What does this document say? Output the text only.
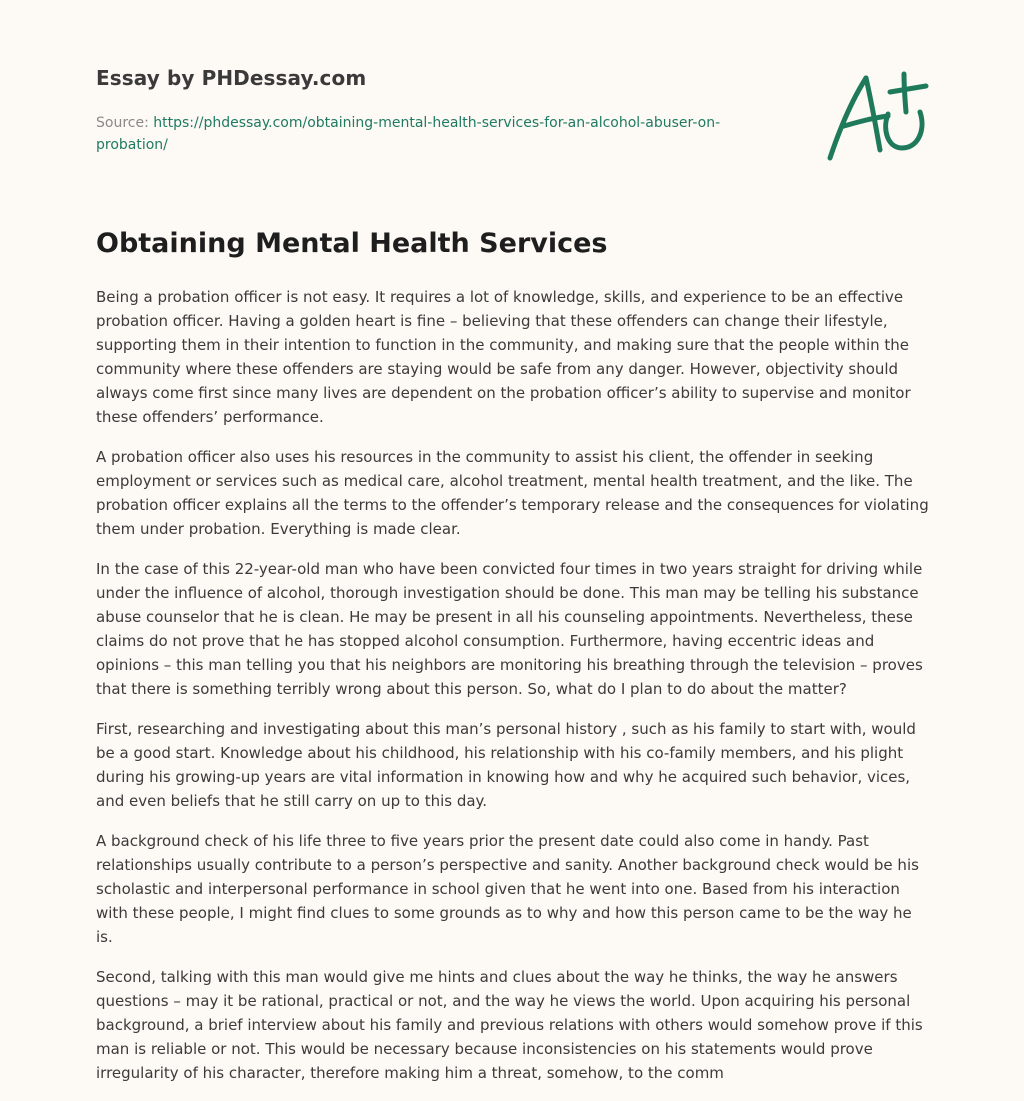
Essay by PHDessay.com
Source: https://phdessay.com/obtaining-mental-health-services-for-an-alcohol-abuser-on-probation/
Obtaining Mental Health Services

Being a probation officer is not easy. It requires a lot of knowledge, skills, and experience to be an effective probation officer. Having a golden heart is fine – believing that these offenders can change their lifestyle, supporting them in their intention to function in the community, and making sure that the people within the community where these offenders are staying would be safe from any danger. However, objectivity should always come first since many lives are dependent on the probation officer’s ability to supervise and monitor these offenders’ performance.

A probation officer also uses his resources in the community to assist his client, the offender in seeking employment or services such as medical care, alcohol treatment, mental health treatment, and the like. The probation officer explains all the terms to the offender’s temporary release and the consequences for violating them under probation. Everything is made clear.

In the case of this 22-year-old man who have been convicted four times in two years straight for driving while under the influence of alcohol, thorough investigation should be done. This man may be telling his substance abuse counselor that he is clean. He may be present in all his counseling appointments. Nevertheless, these claims do not prove that he has stopped alcohol consumption. Furthermore, having eccentric ideas and opinions – this man telling you that his neighbors are monitoring his breathing through the television – proves that there is something terribly wrong about this person. So, what do I plan to do about the matter?

First, researching and investigating about this man’s personal history , such as his family to start with, would be a good start. Knowledge about his childhood, his relationship with his co-family members, and his plight during his growing-up years are vital information in knowing how and why he acquired such behavior, vices, and even beliefs that he still carry on up to this day.

A background check of his life three to five years prior the present date could also come in handy. Past relationships usually contribute to a person’s perspective and sanity. Another background check would be his scholastic and interpersonal performance in school given that he went into one. Based from his interaction with these people, I might find clues to some grounds as to why and how this person came to be the way he is.

Second, talking with this man would give me hints and clues about the way he thinks, the way he answers questions – may it be rational, practical or not, and the way he views the world. Upon acquiring his personal background, a brief interview about his family and previous relations with others would somehow prove if this man is reliable or not. This would be necessary because inconsistencies on his statements would prove irregularity of his character, therefore making him a threat, somehow, to the comm
